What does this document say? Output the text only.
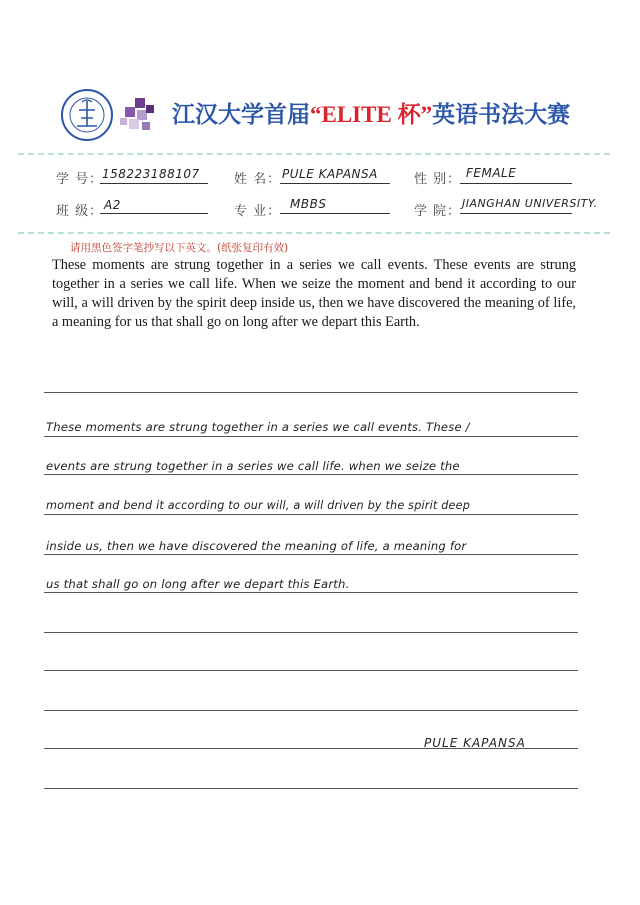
江汉大学首届“ELITE 杯”英语书法大赛
学 号：
15822318810​7	姓 名： PULE KAPANSA	性 别： FEMALE
班 级： A2	专 业： MBBS	学 院：
JIANGHAN UNIVERSITY.
请用黑色签字笔抄写以下英文。(纸张复印有效)
These moments are strung together in a series we call events. These events are strung together in a series we call life. When we seize the moment and bend it according to our will, a will driven by the spirit deep inside us, then we have discovered the meaning of life, a meaning for us that shall go on long after we depart this Earth.
These moments are strung together in a series we call events. These /
events are strung together in a series we call life. when we seize the
moment and bend it according to our will, a will driven by the spirit deep
inside us, then we have discovered the meaning of life, a meaning for
us that shall go on long after we depart this Earth.
PULE KAPANSA
